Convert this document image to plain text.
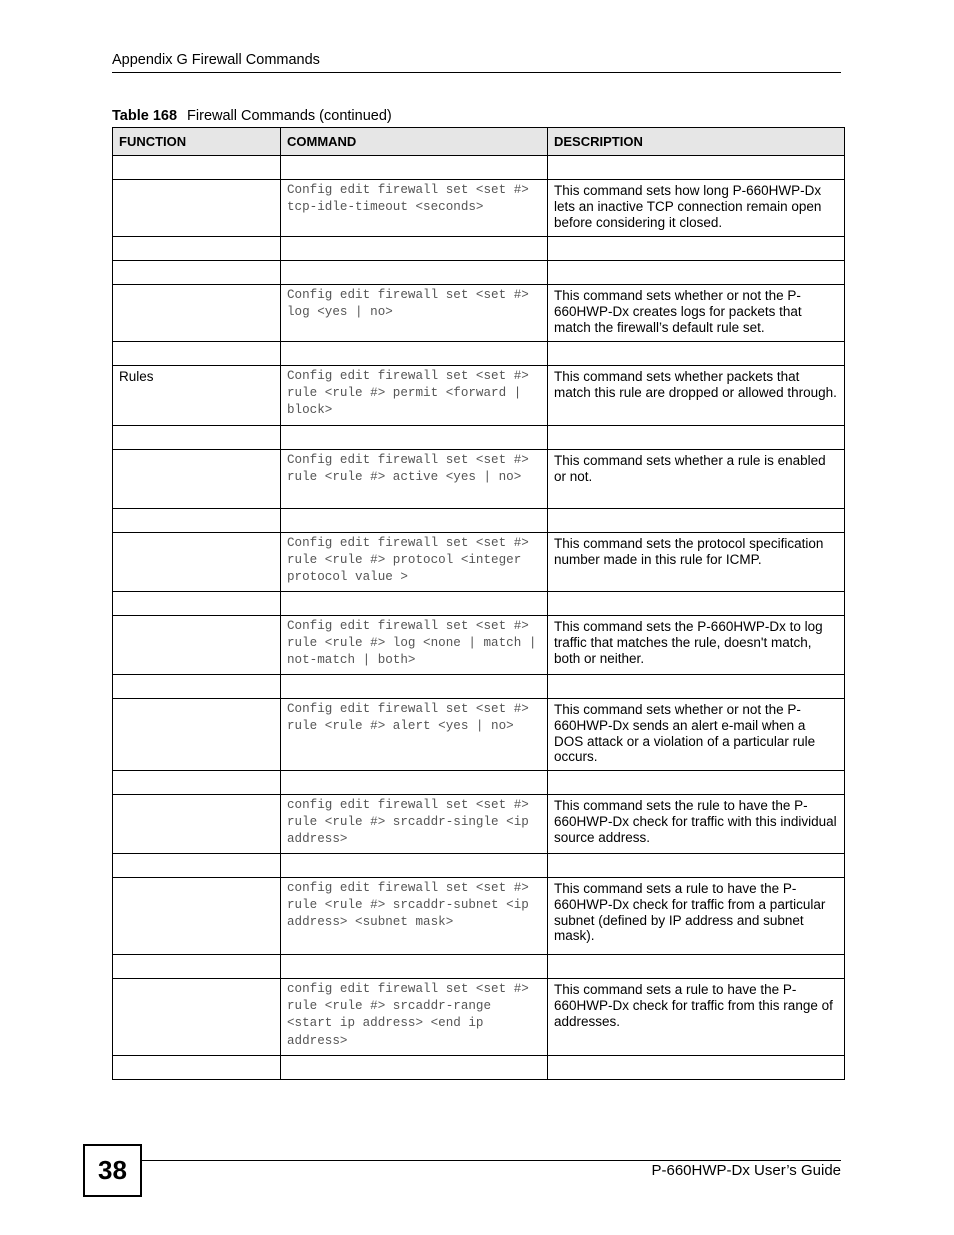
Appendix G Firewall Commands
Table 168 Firewall Commands (continued)
FUNCTION	COMMAND	DESCRIPTION

	Config edit firewall set <set #> tcp-idle-timeout <seconds>	This command sets how long P-660HWP-Dx lets an inactive TCP connection remain open before considering it closed.

	Config edit firewall set <set #> log <yes | no>	This command sets whether or not the P-660HWP-Dx creates logs for packets that match the firewall’s default rule set.

Rules	Config edit firewall set <set #> rule <rule #> permit <forward | block>	This command sets whether packets that match this rule are dropped or allowed through.

	Config edit firewall set <set #> rule <rule #> active <yes | no>	This command sets whether a rule is enabled or not.

	Config edit firewall set <set #> rule <rule #> protocol <integer protocol value >	This command sets the protocol specification number made in this rule for ICMP.

	Config edit firewall set <set #> rule <rule #> log <none | match | not-match | both>	This command sets the P-660HWP-Dx to log traffic that matches the rule, doesn't match, both or neither.

	Config edit firewall set <set #> rule <rule #> alert <yes | no>	This command sets whether or not the P-660HWP-Dx sends an alert e-mail when a DOS attack or a violation of a particular rule occurs.

	config edit firewall set <set #> rule <rule #> srcaddr-single <ip address>	This command sets the rule to have the P-660HWP-Dx check for traffic with this individual source address.

	config edit firewall set <set #> rule <rule #> srcaddr-subnet <ip address> <subnet mask>	This command sets a rule to have the P-660HWP-Dx check for traffic from a particular subnet (defined by IP address and subnet mask).

	config edit firewall set <set #> rule <rule #> srcaddr-range <start ip address> <end ip address>	This command sets a rule to have the P-660HWP-Dx check for traffic from this range of addresses.

38	P-660HWP-Dx User’s Guide
